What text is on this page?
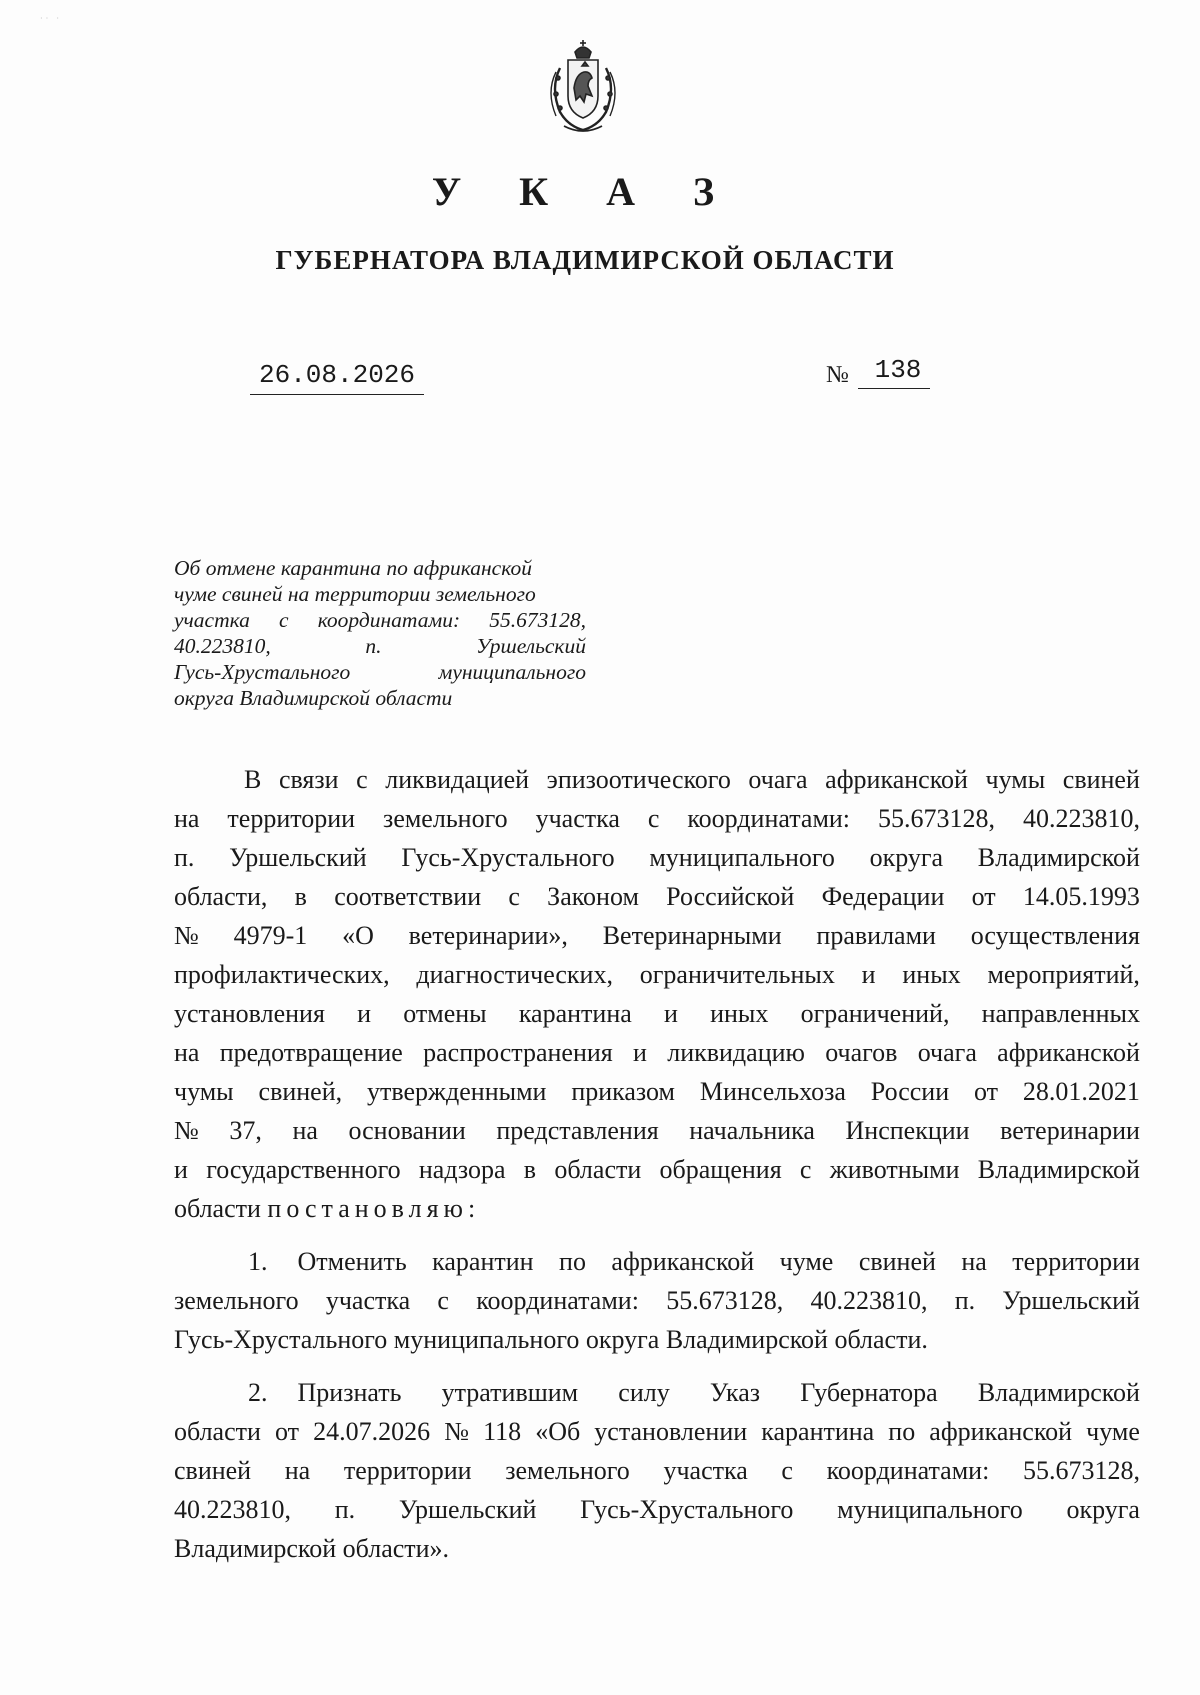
·· ·
У К А З
ГУБЕРНАТОРА ВЛАДИМИРСКОЙ ОБЛАСТИ
26.08.2026	№ 138
Об отмене карантина по африканской
чуме свиней на территории земельного
участка с координатами: 55.673128,
40.223810,	п.	Уршельский
Гусь-Хрустального	муниципального
округа Владимирской области
В связи с ликвидацией эпизоотического очага африканской чумы свиней
на территории земельного участка с координатами: 55.673128, 40.223810,
п. Уршельский Гусь-Хрустального муниципального округа Владимирской
области, в соответствии с Законом Российской Федерации от 14.05.1993
№ 4979-1 «О ветеринарии», Ветеринарными правилами осуществления
профилактических, диагностических, ограничительных и иных мероприятий,
установления и отмены карантина и иных ограничений, направленных
на предотвращение распространения и ликвидацию очагов очага африканской
чумы свиней, утвержденными приказом Минсельхоза России от 28.01.2021
№ 37, на основании представления начальника Инспекции ветеринарии
и государственного надзора в области обращения с животными Владимирской
области
постановляю:
1. Отменить карантин по африканской чуме свиней на территории
земельного участка с координатами: 55.673128, 40.223810, п. Уршельский
Гусь-Хрустального муниципального округа Владимирской области.
2. Признать утратившим силу Указ Губернатора Владимирской
области от 24.07.2026 № 118 «Об установлении карантина по африканской чуме
свиней на территории земельного участка с координатами: 55.673128,
40.223810, п. Уршельский Гусь-Хрустального муниципального округа
Владимирской области».
